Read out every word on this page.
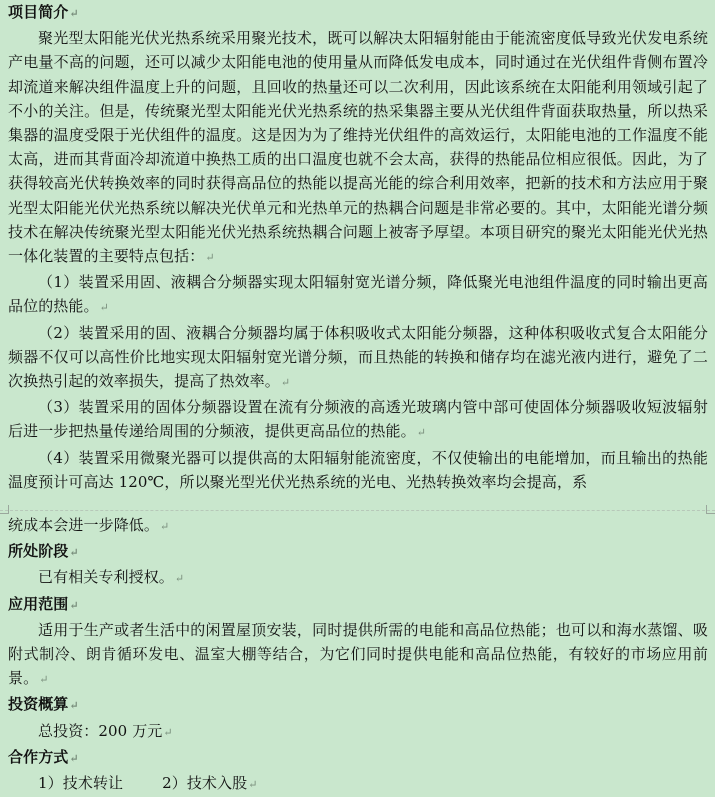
项目简介↵

聚光型太阳能光伏光热系统采用聚光技术，既可以解决太阳辐射能由于能流密度低导致光伏发电系统产电量不高的问题，还可以减少太阳能电池的使用量从而降低发电成本，同时通过在光伏组件背侧布置冷却流道来解决组件温度上升的问题，且回收的热量还可以二次利用，因此该系统在太阳能利用领域引起了不小的关注。但是，传统聚光型太阳能光伏光热系统的热采集器主要从光伏组件背面获取热量，所以热采集器的温度受限于光伏组件的温度。这是因为为了维持光伏组件的高效运行，太阳能电池的工作温度不能太高，进而其背面冷却流道中换热工质的出口温度也就不会太高，获得的热能品位相应很低。因此，为了获得较高光伏转换效率的同时获得高品位的热能以提高光能的综合利用效率，把新的技术和方法应用于聚光型太阳能光伏光热系统以解决光伏单元和光热单元的热耦合问题是非常必要的。其中，太阳能光谱分频技术在解决传统聚光型太阳能光伏光热系统热耦合问题上被寄予厚望。本项目研究的聚光太阳能光伏光热一体化装置的主要特点包括：↵

（1）装置采用固、液耦合分频器实现太阳辐射宽光谱分频，降低聚光电池组件温度的同时输出更高品位的热能。↵

（2）装置采用的固、液耦合分频器均属于体积吸收式太阳能分频器，这种体积吸收式复合太阳能分频器不仅可以高性价比地实现太阳辐射宽光谱分频，而且热能的转换和储存均在滤光液内进行，避免了二次换热引起的效率损失，提高了热效率。↵

（3）装置采用的固体分频器设置在流有分频液的高透光玻璃内管中部可使固体分频器吸收短波辐射后进一步把热量传递给周围的分频液，提供更高品位的热能。↵

（4）装置采用微聚光器可以提供高的太阳辐射能流密度，不仅使输出的电能增加，而且输出的热能温度预计可高达 120℃，所以聚光型光伏光热系统的光电、光热转换效率均会提高，系

统成本会进一步降低。↵

所处阶段↵

已有相关专利授权。↵

应用范围↵

适用于生产或者生活中的闲置屋顶安装，同时提供所需的电能和高品位热能；也可以和海水蒸馏、吸附式制冷、朗肯循环发电、温室大棚等结合，为它们同时提供电能和高品位热能，有较好的市场应用前景。↵

投资概算↵

总投资：200 万元↵

合作方式↵

1）技术转让        2）技术入股↵
